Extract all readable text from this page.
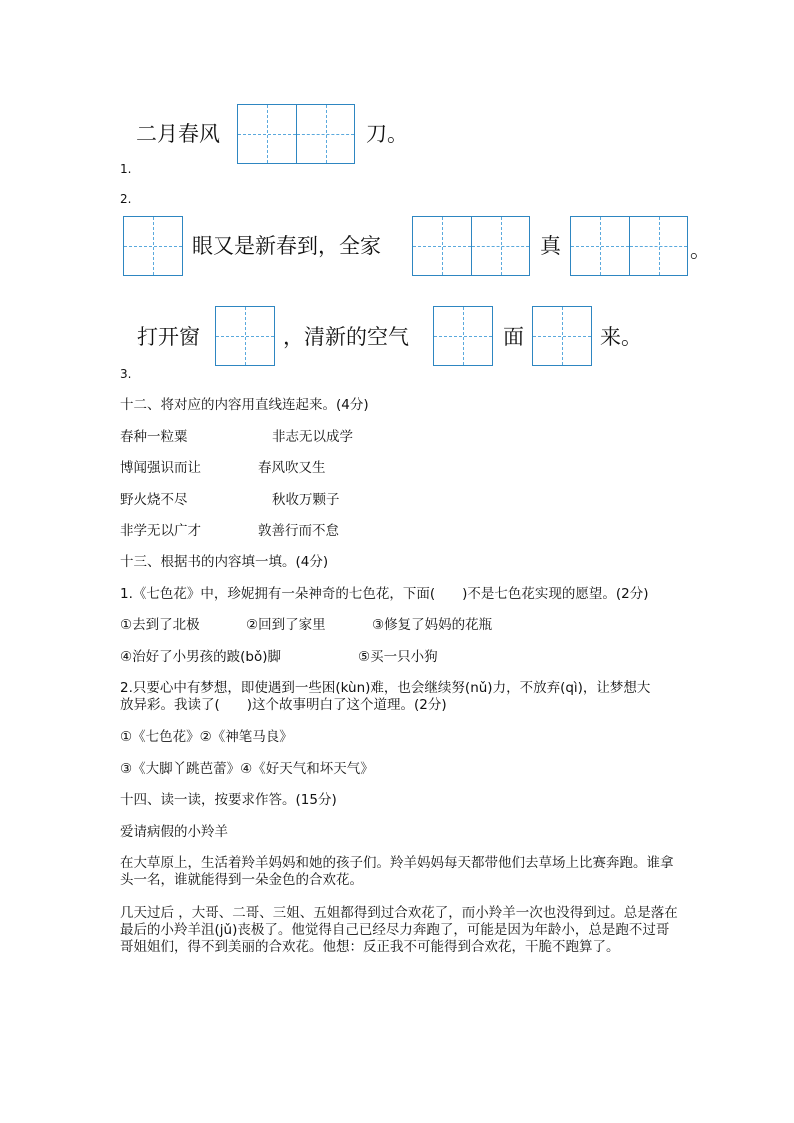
二月春风	刀。
1.
2.
眼又是新春到，全家	真	。
打开窗	，清新的空气	面	来。
3.
十二、将对应的内容用直线连起来。(4分)
春种一粒粟	非志无以成学
博闻强识而让	春风吹又生
野火烧不尽	秋收万颗子
非学无以广才	敦善行而不怠
十三、根据书的内容填一填。(4分)
1.《七色花》中，珍妮拥有一朵神奇的七色花，下面(　　)不是七色花实现的愿望。(2分)
①去到了北极	②回到了家里	③修复了妈妈的花瓶
④治好了小男孩的跛(bǒ)脚	⑤买一只小狗
2.只要心中有梦想，即使遇到一些困(kùn)难，也会继续努(nǔ)力，不放弃(qì)，让梦想大
放异彩。我读了(　　)这个故事明白了这个道理。(2分)
①《七色花》②《神笔马良》
③《大脚丫跳芭蕾》④《好天气和坏天气》
十四、读一读，按要求作答。(15分)
爱请病假的小羚羊
在大草原上，生活着羚羊妈妈和她的孩子们。羚羊妈妈每天都带他们去草场上比赛奔跑。谁拿头一名，谁就能得到一朵金色的合欢花。
几天过后 ，大哥、二哥、三姐、五姐都得到过合欢花了，而小羚羊一次也没得到过。总是落在最后的小羚羊沮(jǔ)丧极了。他觉得自己已经尽力奔跑了，可能是因为年龄小，总是跑不过哥哥姐姐们，得不到美丽的合欢花。他想：反正我不可能得到合欢花，干脆不跑算了。
